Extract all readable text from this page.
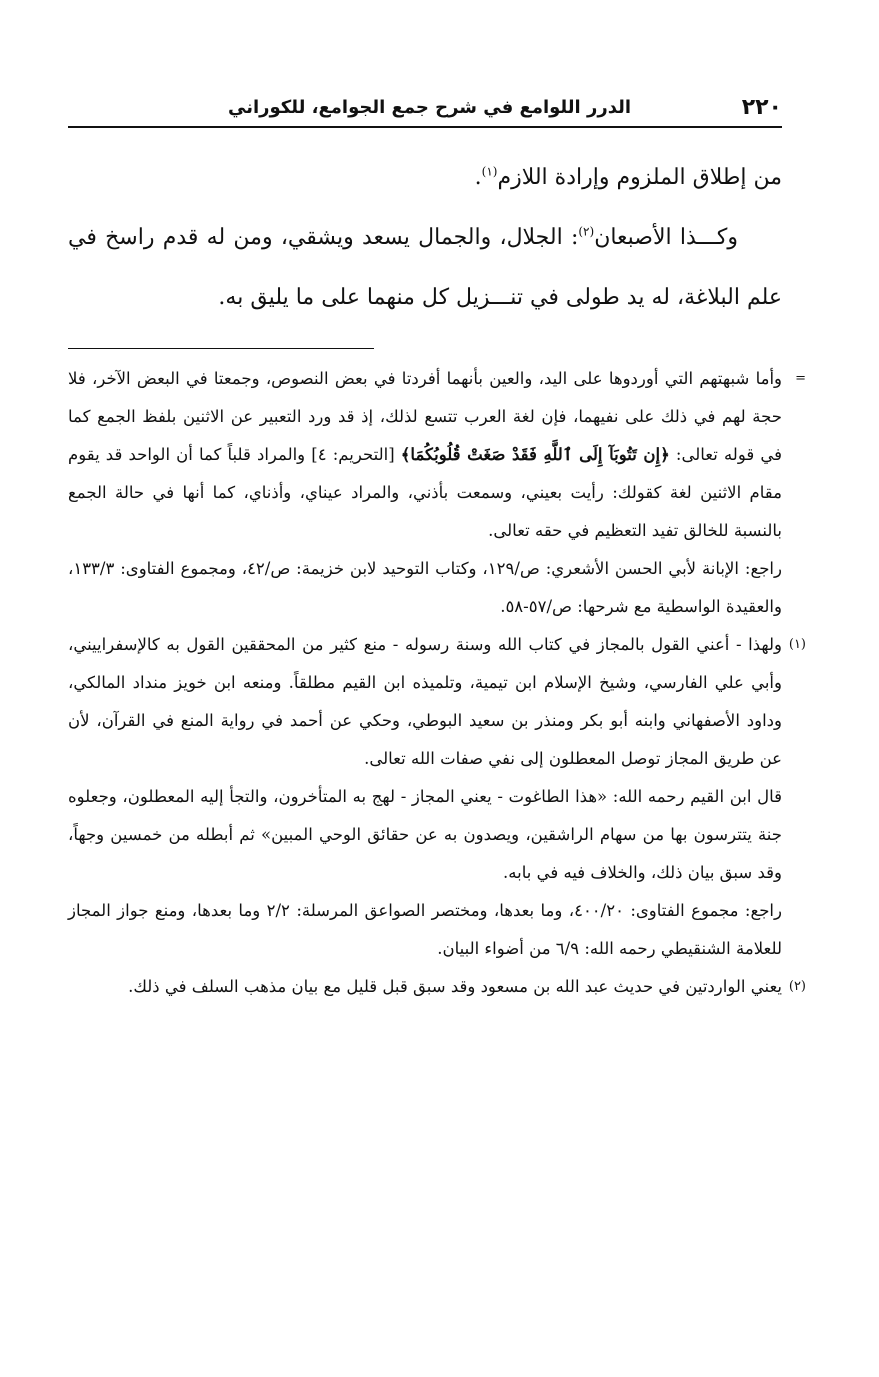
٢٢٠
الدرر اللوامع في شرح جمع الجوامع، للكوراني

من إطلاق الملزوم وإرادة اللازم$^{(١)}$.

وكـــذا الأصبعان$^{(٢)}$: الجلال، والجمال يسعد ويشقي، ومن له قدم راسخ في علم البلاغة، له يد طولى في تنـــزيل كل منهما على ما يليق به.

=
وأما شبهتهم التي أوردوها على اليد، والعين بأنهما أفردتا في بعض النصوص، وجمعتا في البعض الآخر، فلا حجة لهم في ذلك على نفيهما، فإن لغة العرب تتسع لذلك، إذ قد ورد التعبير عن الاثنين بلفظ الجمع كما في قوله تعالى: ﴿إِن تَتُوبَآ إِلَى ٱللَّهِ فَقَدْ صَغَتْ قُلُوبُكُمَا﴾ [التحريم: ٤] والمراد قلباً كما أن الواحد قد يقوم مقام الاثنين لغة كقولك: رأيت بعيني، وسمعت بأذني، والمراد عيناي، وأذناي، كما أنها في حالة الجمع بالنسبة للخالق تفيد التعظيم في حقه تعالى.

راجع: الإبانة لأبي الحسن الأشعري: ص/١٢٩، وكتاب التوحيد لابن خزيمة: ص/٤٢، ومجموع الفتاوى: ١٣٣/٣، والعقيدة الواسطية مع شرحها: ص/٥٧-٥٨.

(١)
ولهذا - أعني القول بالمجاز في كتاب الله وسنة رسوله - منع كثير من المحققين القول به كالإسفراييني، وأبي علي الفارسي، وشيخ الإسلام ابن تيمية، وتلميذه ابن القيم مطلقاً. ومنعه ابن خويز منداد المالكي، وداود الأصفهاني وابنه أبو بكر ومنذر بن سعيد البوطي، وحكي عن أحمد في رواية المنع في القرآن، لأن عن طريق المجاز توصل المعطلون إلى نفي صفات الله تعالى.

قال ابن القيم رحمه الله: «هذا الطاغوت - يعني المجاز - لهج به المتأخرون، والتجأ إليه المعطلون، وجعلوه جنة يتترسون بها من سهام الراشقين، ويصدون به عن حقائق الوحي المبين» ثم أبطله من خمسين وجهاً، وقد سبق بيان ذلك، والخلاف فيه في بابه.

راجع: مجموع الفتاوى: ٤٠٠/٢٠، وما بعدها، ومختصر الصواعق المرسلة: ٢/٢ وما بعدها، ومنع جواز المجاز للعلامة الشنقيطي رحمه الله: ٦/٩ من أضواء البيان.

(٢)
يعني الواردتين في حديث عبد الله بن مسعود وقد سبق قبل قليل مع بيان مذهب السلف في ذلك.
